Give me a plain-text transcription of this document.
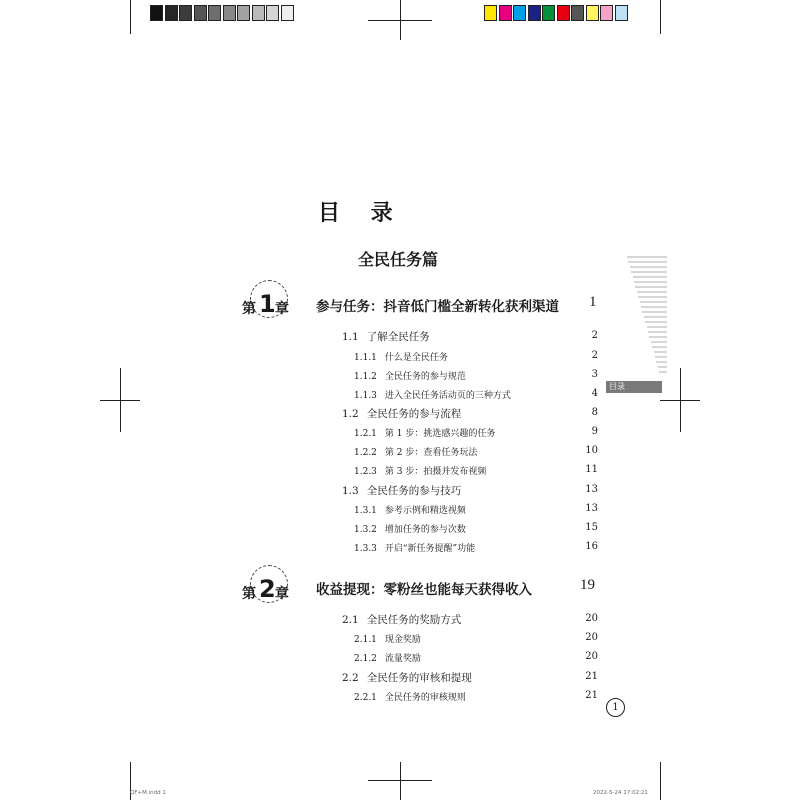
目    录
全民任务篇
第 1 章 参与任务：抖音低门槛全新转化获利渠道 1
1.1 了解全民任务	2
1.1.1 什么是全民任务	2
1.1.2 全民任务的参与规范	3
1.1.3 进入全民任务活动页的三种方式	4
1.2 全民任务的参与流程	8
1.2.1 第 1 步：挑选感兴趣的任务	9
1.2.2 第 2 步：查看任务玩法	10
1.2.3 第 3 步：拍摄并发布视频	11
1.3 全民任务的参与技巧	13
1.3.1 参考示例和精选视频	13
1.3.2 增加任务的参与次数	15
1.3.3 开启“新任务提醒”功能	16
第 2 章 收益提现：零粉丝也能每天获得收入	19
2.1 全民任务的奖励方式	20
2.1.1 现金奖励	20
2.1.2 流量奖励	20
2.2 全民任务的审核和提现	21
2.2.1 全民任务的审核规则	21
目录
1
QF+M.indd 1	2022-5-24 17:02:21
